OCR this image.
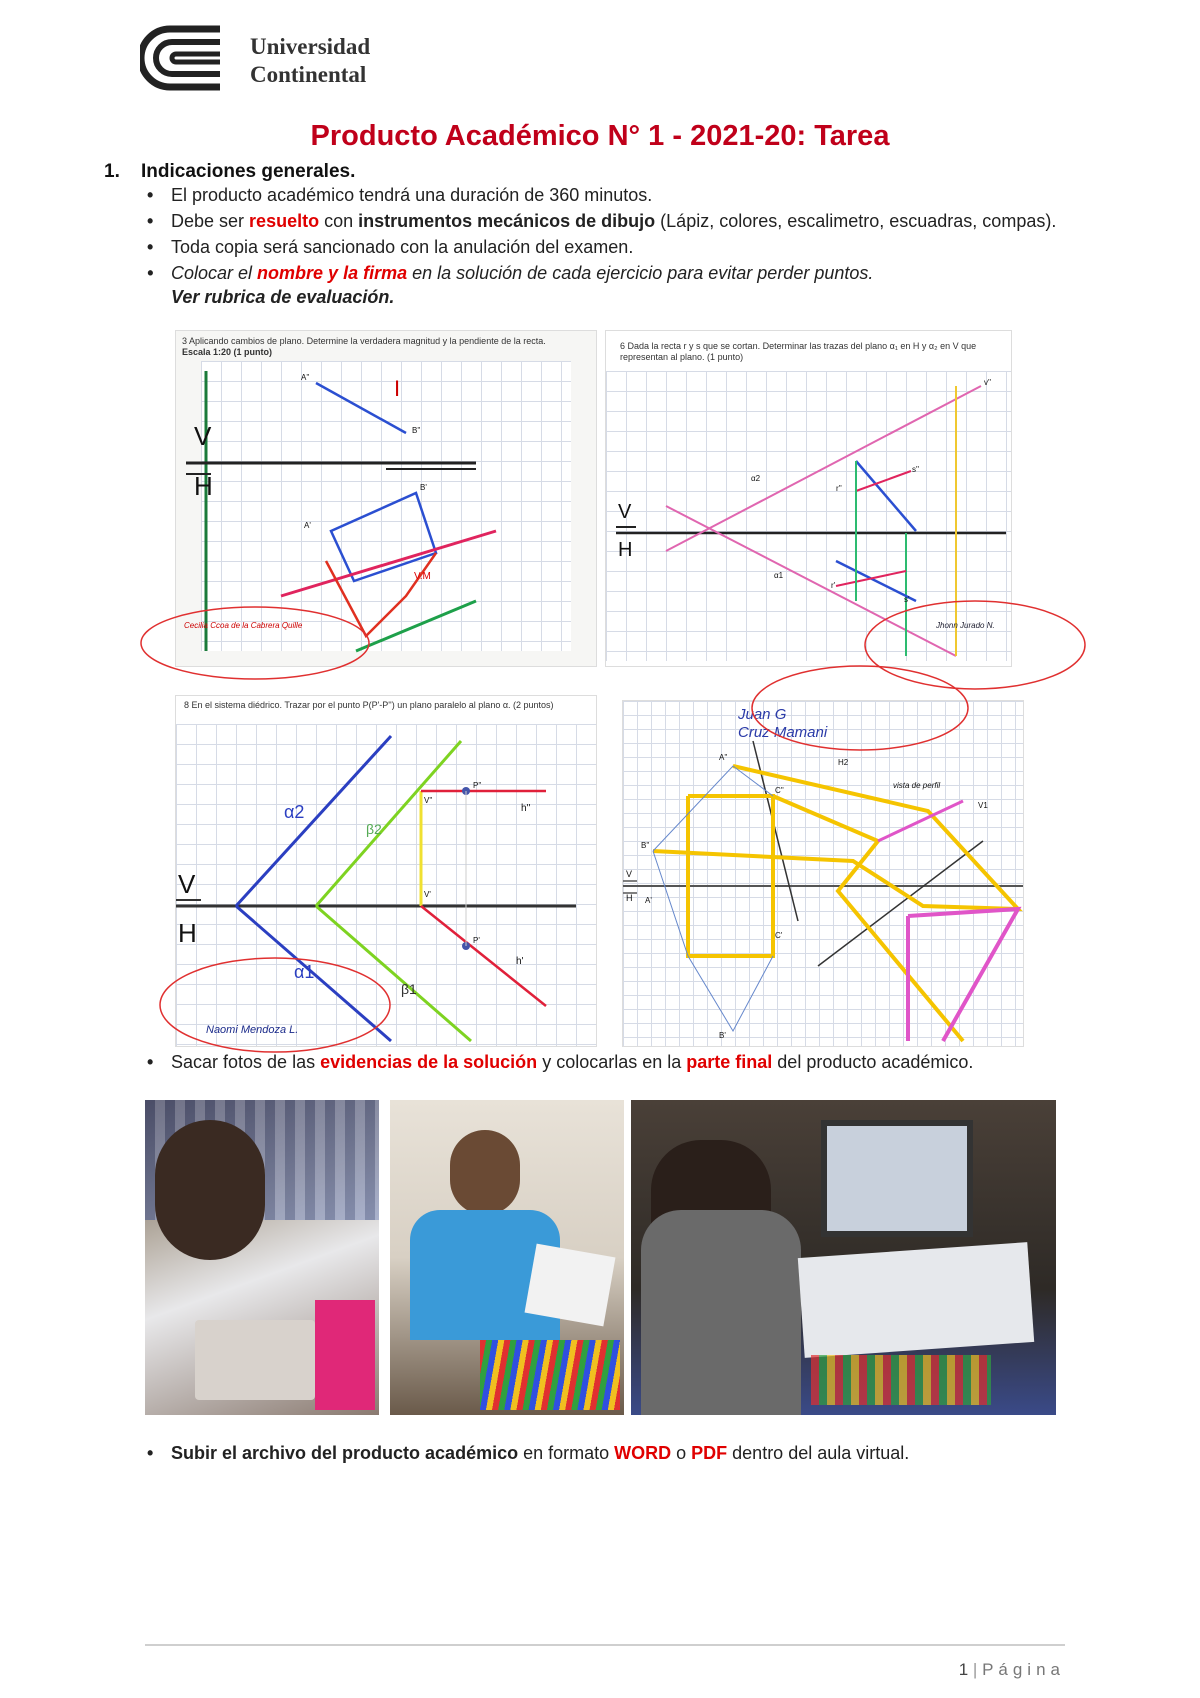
Universidad
Continental
Producto Académico N° 1 - 2021-20: Tarea
1. Indicaciones generales.
• El producto académico tendrá una duración de 360 minutos.
• Debe ser resuelto con instrumentos mecánicos de dibujo (Lápiz, colores, escalimetro, escuadras, compas).
• Toda copia será sancionado con la anulación del examen.
• Colocar el nombre y la firma en la solución de cada ejercicio para evitar perder puntos.
Ver rubrica de evaluación.
3 Aplicando cambios de plano. Determine la verdadera magnitud y la pendiente de la recta.
Escala 1:20 (1 punto)
V
H
I
A''
B''
A'
B'
V.M
Cecilia Ccoa de la Cabrera Quille
6 Dada la recta r y s que se cortan. Determinar las trazas del plano α₁ en H y α₂ en V que
representan al plano. (1 punto)
V
H
α2
α1
r''
s''
r'
s'
v''
Jhonn Jurado N.
8 En el sistema diédrico. Trazar por el punto P(P'-P'') un plano paralelo al plano α. (2 puntos)
V
H
α2
β2
α1
β1
V''
V'
h''
h'
P''
P'
Naomi Mendoza L.
Juan G
Cruz Mamani
V
H
A''
C''
B''
A'
C'
B'
H2
V1
vista de perfil
• Sacar fotos de las evidencias de la solución y colocarlas en la parte final del producto académico.
• Subir el archivo del producto académico en formato WORD o PDF dentro del aula virtual.
1 | Página
